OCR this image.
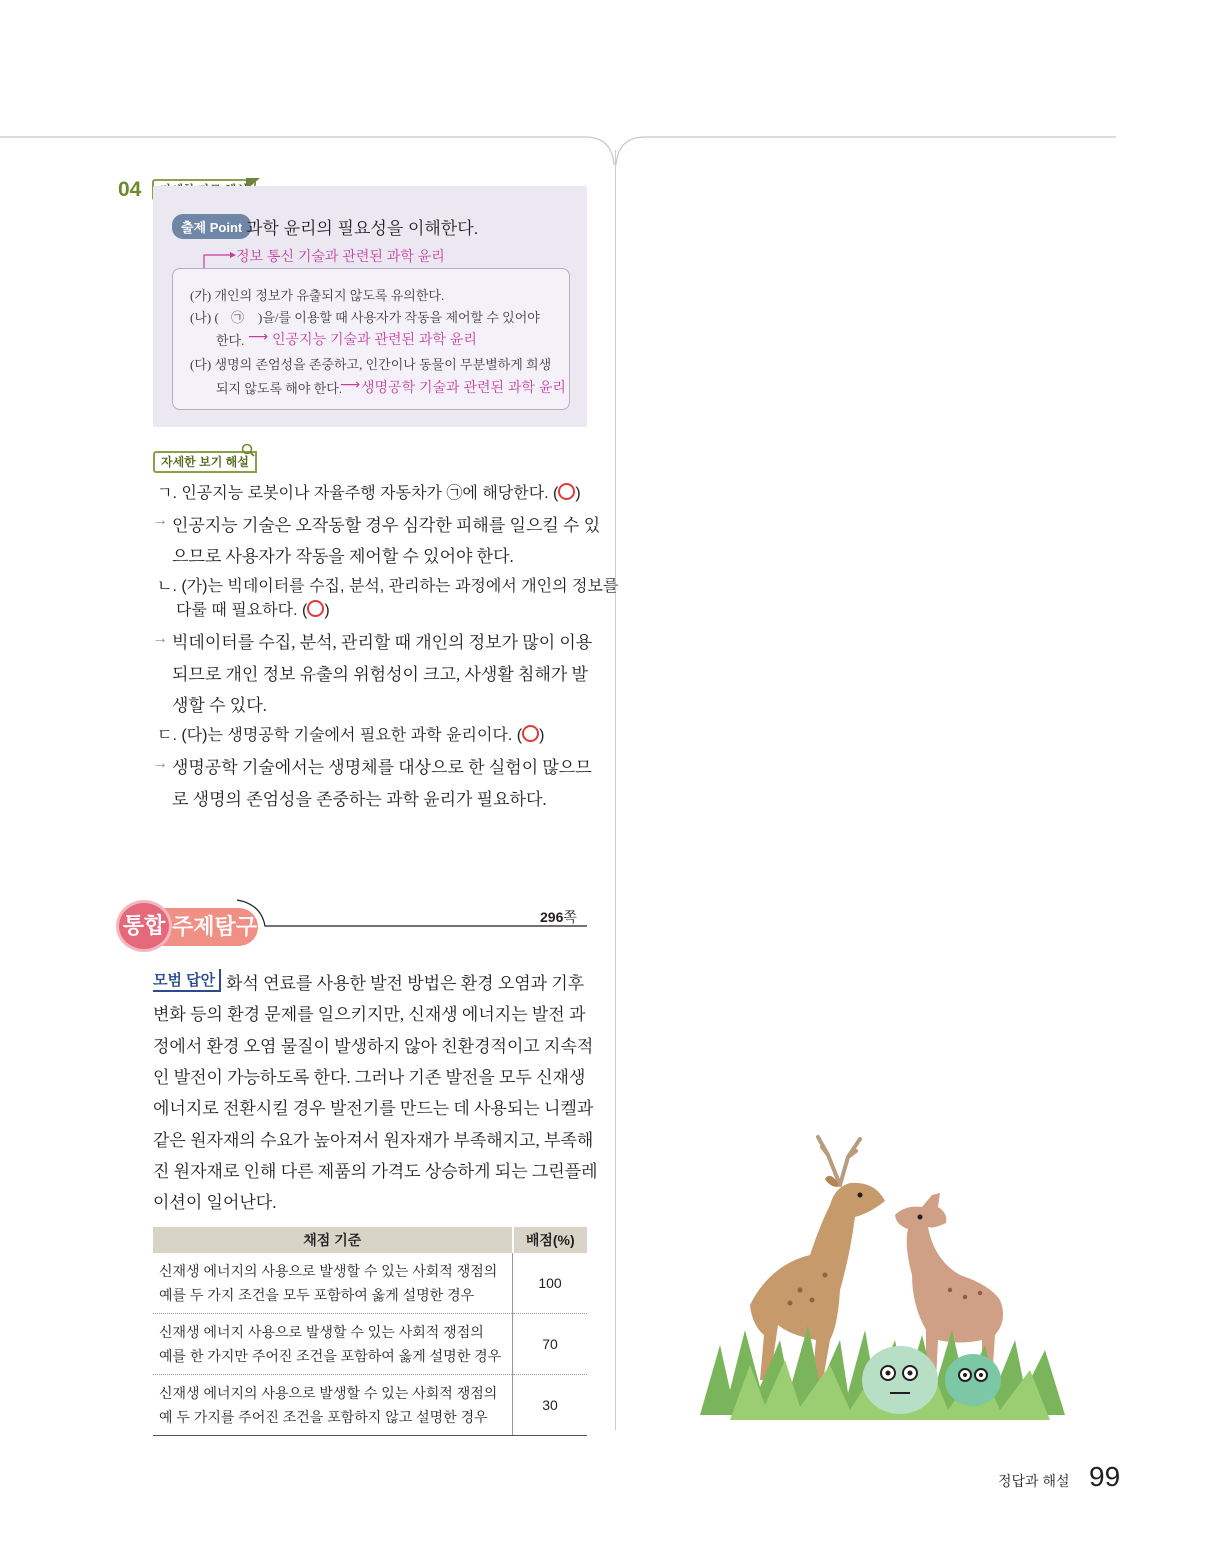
04
출제 Point 과학 윤리의 필요성을 이해한다.
정보 통신 기술과 관련된 과학 윤리
(가) 개인의 정보가 유출되지 않도록 유의한다.
(나) ( ㉠ )을/를 이용할 때 사용자가 작동을 제어할 수 있어야
한다. ⟶ 인공지능 기술과 관련된 과학 윤리
(다) 생명의 존엄성을 존중하고, 인간이나 동물이 무분별하게 희생
되지 않도록 해야 한다.
⟶ 생명공학 기술과 관련된 과학 윤리
자세한 보기 해설
ㄱ. 인공지능 로봇이나 자율주행 자동차가 ㉠에 해당한다. ( )
→ 인공지능 기술은 오작동할 경우 심각한 피해를 일으킬 수 있
으므로 사용자가 작동을 제어할 수 있어야 한다.
ㄴ. (가)는 빅데이터를 수집, 분석, 관리하는 과정에서 개인의 정보를
다룰 때 필요하다. ( )
→ 빅데이터를 수집, 분석, 관리할 때 개인의 정보가 많이 이용
되므로 개인 정보 유출의 위험성이 크고, 사생활 침해가 발
생할 수 있다.
ㄷ. (다)는 생명공학 기술에서 필요한 과학 윤리이다. ( )
→ 생명공학 기술에서는 생명체를 대상으로 한 실험이 많으므
로 생명의 존엄성을 존중하는 과학 윤리가 필요하다.
주제탐구
통합	296쪽
모범 답안 화석 연료를 사용한 발전 방법은 환경 오염과 기후
변화 등의 환경 문제를 일으키지만, 신재생 에너지는 발전 과
정에서 환경 오염 물질이 발생하지 않아 친환경적이고 지속적
인 발전이 가능하도록 한다. 그러나 기존 발전을 모두 신재생
에너지로 전환시킬 경우 발전기를 만드는 데 사용되는 니켈과
같은 원자재의 수요가 높아져서 원자재가 부족해지고, 부족해
진 원자재로 인해 다른 제품의 가격도 상승하게 되는 그린플레
이션이 일어난다.
채점 기준	배점(%)

신재생 에너지의 사용으로 발생할 수 있는 사회적 쟁점의
예를 두 가지 조건을 모두 포함하여 옳게 설명한 경우	100

신재생 에너지 사용으로 발생할 수 있는 사회적 쟁점의
예를 한 가지만 주어진 조건을 포함하여 옳게 설명한 경우	70

신재생 에너지의 사용으로 발생할 수 있는 사회적 쟁점의
예 두 가지를 주어진 조건을 포함하지 않고 설명한 경우	30
정답과 해설 99
